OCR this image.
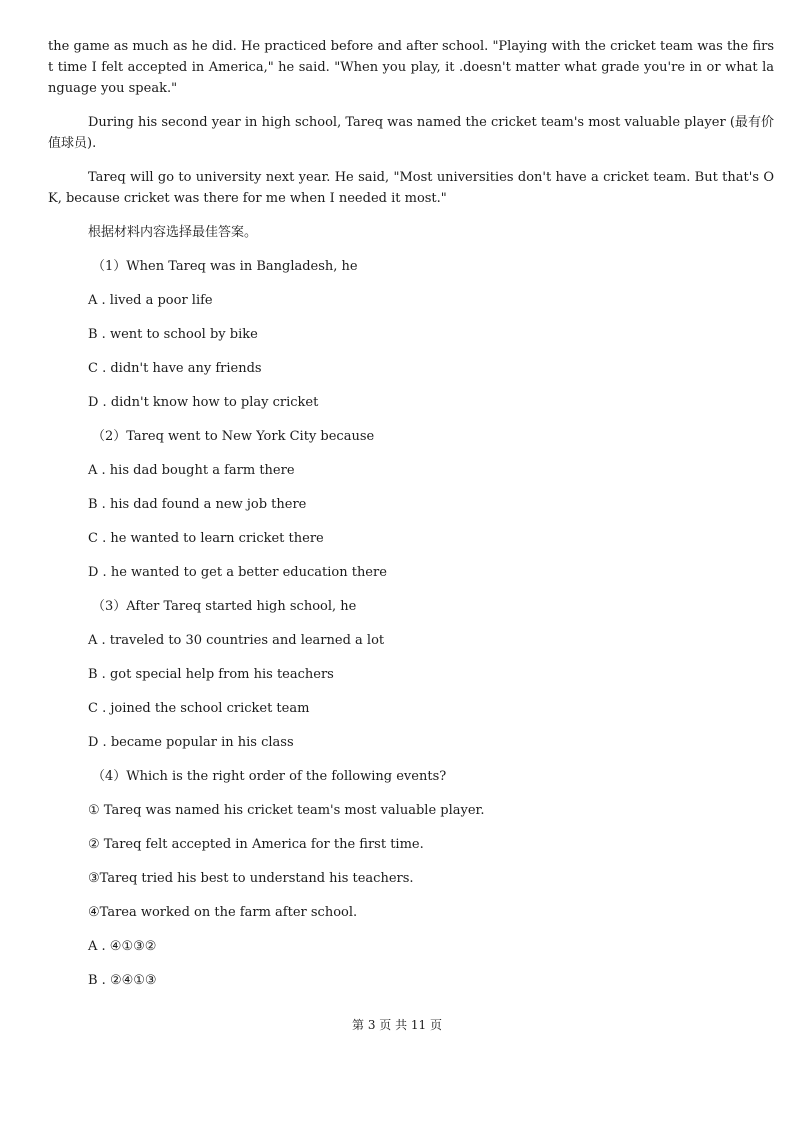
the game as much as he did. He practiced before and after school. "Playing with the cricket team was the first time I felt accepted in America," he said. "When you play, it .doesn't matter what grade you're in or what language you speak."

During his second year in high school, Tareq was named the cricket team's most valuable player (最有价值球员).

Tareq will go to university next year. He said, "Most universities don't have a cricket team. But that's OK, because cricket was there for me when I needed it most."

根据材料内容选择最佳答案。
（1）When Tareq was in Bangladesh, he
A . lived a poor life
B . went to school by bike
C . didn't have any friends
D . didn't know how to play cricket
（2）Tareq went to New York City because
A . his dad bought a farm there
B . his dad found a new job there
C . he wanted to learn cricket there
D . he wanted to get a better education there
（3）After Tareq started high school, he
A . traveled to 30 countries and learned a lot
B . got special help from his teachers
C . joined the school cricket team
D . became popular in his class
（4）Which is the right order of the following events?
① Tareq was named his cricket team's most valuable player.
② Tareq felt accepted in America for the first time.
③Tareq tried his best to understand his teachers.
④Tarea worked on the farm after school.
A . ④①③②
B . ②④①③
第 3 页 共 11 页
